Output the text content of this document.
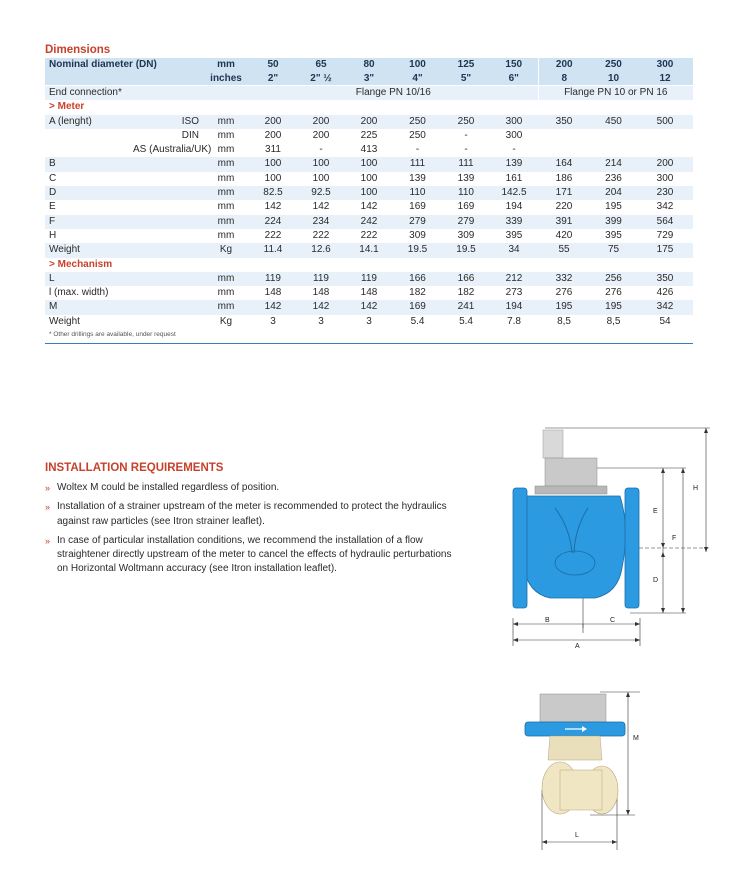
Dimensions
Nominal diameter (DN)		mm	50	65	80	100	125	150	200	250	300
		inches	2"	2" ½	3"	4"	5"	6"	8	10	12
End connection*			Flange PN 10/16						Flange PN 10 or PN 16		
> Meter											
A (lenght)	ISO	mm	200	200	200	250	250	300	350	450	500
	DIN	mm	200	200	225	250	-	300			
	AS (Australia/UK)	mm	311	-	413	-	-	-			
B		mm	100	100	100	111	111	139	164	214	200
C		mm	100	100	100	139	139	161	186	236	300
D		mm	82.5	92.5	100	110	110	142.5	171	204	230
E		mm	142	142	142	169	169	194	220	195	342
F		mm	224	234	242	279	279	339	391	399	564
H		mm	222	222	222	309	309	395	420	395	729
Weight		Kg	11.4	12.6	14.1	19.5	19.5	34	55	75	175
> Mechanism											
L		mm	119	119	119	166	166	212	332	256	350
l (max. width)		mm	148	148	148	182	182	273	276	276	426
M		mm	142	142	142	169	241	194	195	195	342
Weight		Kg	3	3	3	5.4	5.4	7.8	8,5	8,5	54
* Other drillings are available, under request											
INSTALLATION REQUIREMENTS
» Woltex M could be installed regardless of position.
» Installation of a strainer upstream of the meter is recommended to protect the hydraulics against raw particles (see Itron strainer leaflet).
» In case of particular installation conditions, we recommend the installation of a flow straightener directly upstream of the meter to cancel the effects of hydraulic perturbations on Horizontal Woltmann accuracy (see Itron installation leaflet).
H
E
F
D
B	C
A
M
L
